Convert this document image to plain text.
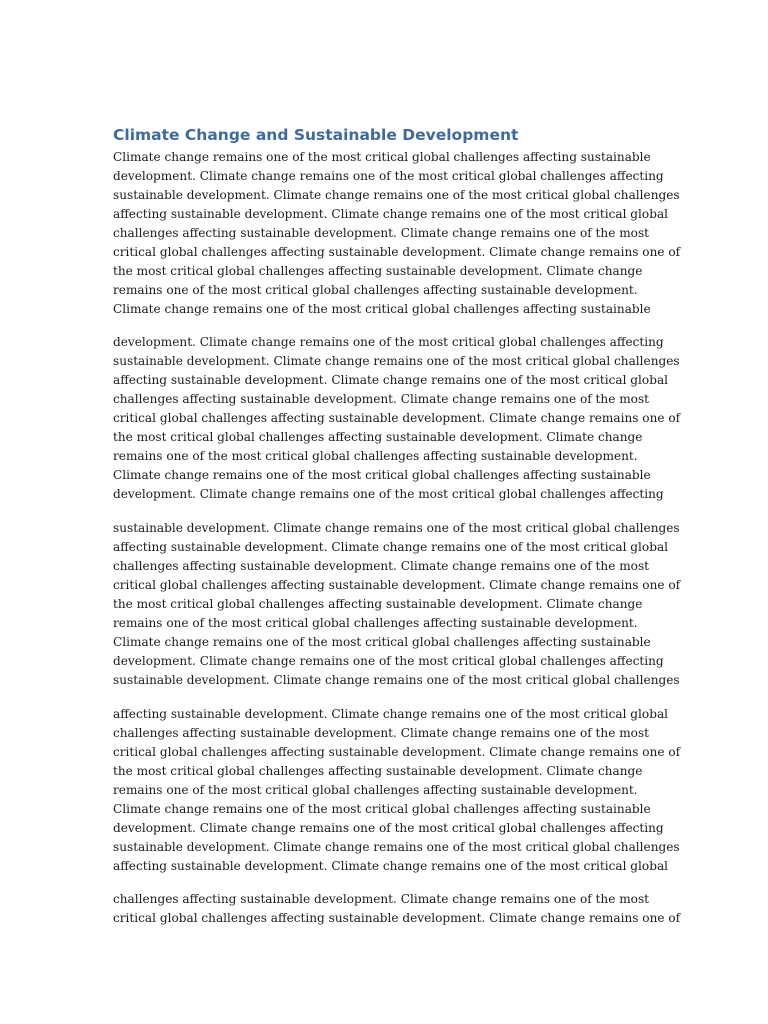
Climate Change and Sustainable Development
Climate change remains one of the most critical global challenges affecting sustainable
development. Climate change remains one of the most critical global challenges affecting
sustainable development. Climate change remains one of the most critical global challenges
affecting sustainable development. Climate change remains one of the most critical global
challenges affecting sustainable development. Climate change remains one of the most
critical global challenges affecting sustainable development. Climate change remains one of
the most critical global challenges affecting sustainable development. Climate change
remains one of the most critical global challenges affecting sustainable development.
Climate change remains one of the most critical global challenges affecting sustainable
development. Climate change remains one of the most critical global challenges affecting
sustainable development. Climate change remains one of the most critical global challenges
affecting sustainable development. Climate change remains one of the most critical global
challenges affecting sustainable development. Climate change remains one of the most
critical global challenges affecting sustainable development. Climate change remains one of
the most critical global challenges affecting sustainable development. Climate change
remains one of the most critical global challenges affecting sustainable development.
Climate change remains one of the most critical global challenges affecting sustainable
development. Climate change remains one of the most critical global challenges affecting
sustainable development. Climate change remains one of the most critical global challenges
affecting sustainable development. Climate change remains one of the most critical global
challenges affecting sustainable development. Climate change remains one of the most
critical global challenges affecting sustainable development. Climate change remains one of
the most critical global challenges affecting sustainable development. Climate change
remains one of the most critical global challenges affecting sustainable development.
Climate change remains one of the most critical global challenges affecting sustainable
development. Climate change remains one of the most critical global challenges affecting
sustainable development. Climate change remains one of the most critical global challenges
affecting sustainable development. Climate change remains one of the most critical global
challenges affecting sustainable development. Climate change remains one of the most
critical global challenges affecting sustainable development. Climate change remains one of
the most critical global challenges affecting sustainable development. Climate change
remains one of the most critical global challenges affecting sustainable development.
Climate change remains one of the most critical global challenges affecting sustainable
development. Climate change remains one of the most critical global challenges affecting
sustainable development. Climate change remains one of the most critical global challenges
affecting sustainable development. Climate change remains one of the most critical global
challenges affecting sustainable development. Climate change remains one of the most
critical global challenges affecting sustainable development. Climate change remains one of
